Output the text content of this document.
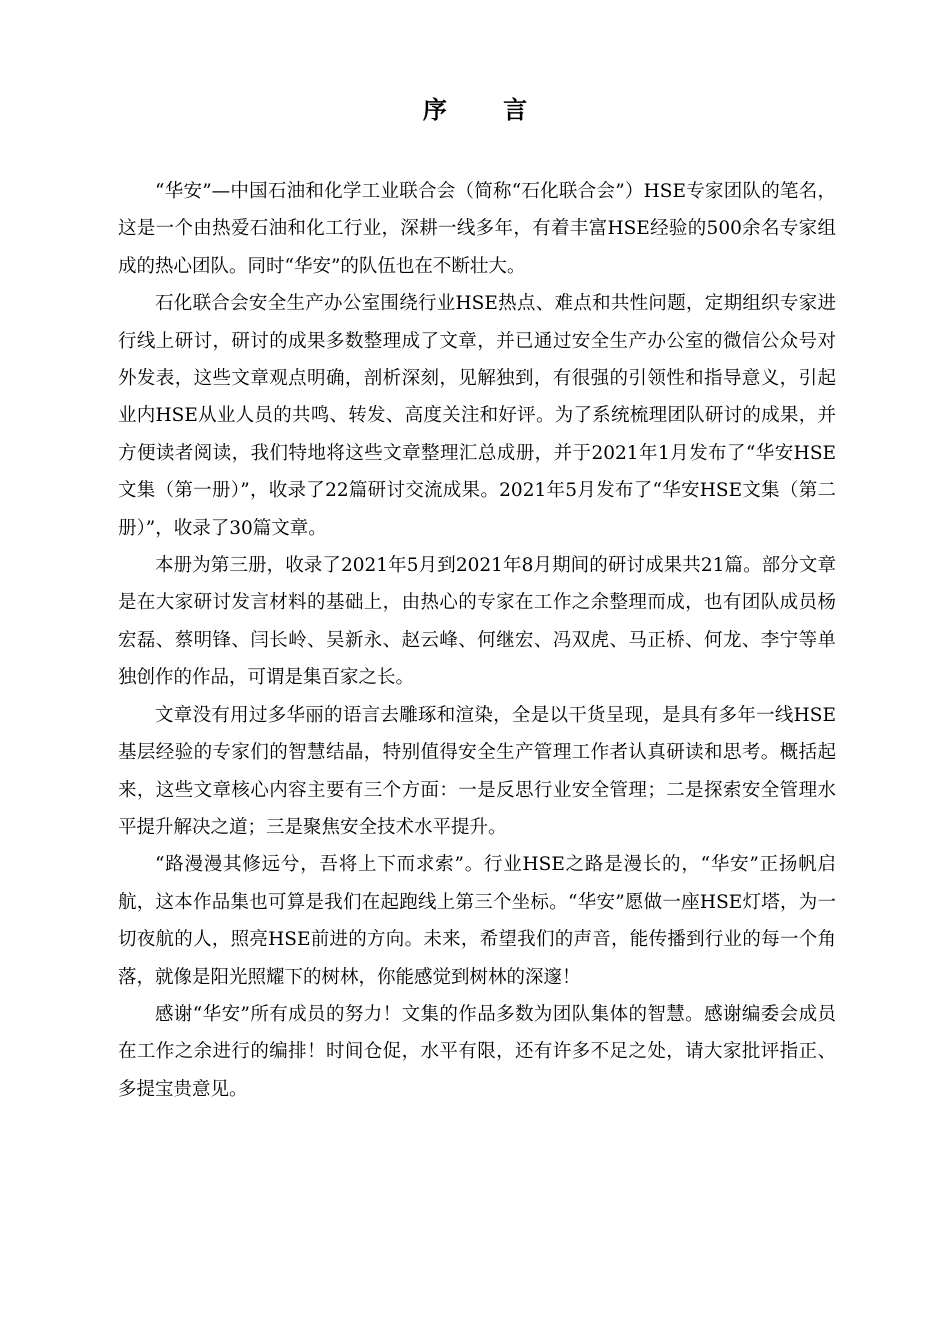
序 言

“华安”—中国石油和化学工业联合会（简称“石化联合会”）HSE专家团队的笔名，这是一个由热爱石油和化工行业，深耕一线多年，有着丰富HSE经验的500余名专家组成的热心团队。同时“华安”的队伍也在不断壮大。

石化联合会安全生产办公室围绕行业HSE热点、难点和共性问题，定期组织专家进行线上研讨，研讨的成果多数整理成了文章，并已通过安全生产办公室的微信公众号对外发表，这些文章观点明确，剖析深刻，见解独到，有很强的引领性和指导意义，引起业内HSE从业人员的共鸣、转发、高度关注和好评。为了系统梳理团队研讨的成果，并方便读者阅读，我们特地将这些文章整理汇总成册，并于2021年1月发布了“华安HSE文集（第一册）”，收录了22篇研讨交流成果。2021年5月发布了“华安HSE文集（第二册）”，收录了30篇文章。

本册为第三册，收录了2021年5月到2021年8月期间的研讨成果共21篇。部分文章是在大家研讨发言材料的基础上，由热心的专家在工作之余整理而成，也有团队成员杨宏磊、蔡明锋、闫长岭、吴新永、赵云峰、何继宏、冯双虎、马正桥、何龙、李宁等单独创作的作品，可谓是集百家之长。

文章没有用过多华丽的语言去雕琢和渲染，全是以干货呈现，是具有多年一线HSE基层经验的专家们的智慧结晶，特别值得安全生产管理工作者认真研读和思考。概括起来，这些文章核心内容主要有三个方面：一是反思行业安全管理；二是探索安全管理水平提升解决之道；三是聚焦安全技术水平提升。

“路漫漫其修远兮，吾将上下而求索”。行业HSE之路是漫长的，“华安”正扬帆启航，这本作品集也可算是我们在起跑线上第三个坐标。“华安”愿做一座HSE灯塔，为一切夜航的人，照亮HSE前进的方向。未来，希望我们的声音，能传播到行业的每一个角落，就像是阳光照耀下的树林，你能感觉到树林的深邃！

感谢“华安”所有成员的努力！文集的作品多数为团队集体的智慧。感谢编委会成员在工作之余进行的编排！时间仓促，水平有限，还有许多不足之处，请大家批评指正、多提宝贵意见。
